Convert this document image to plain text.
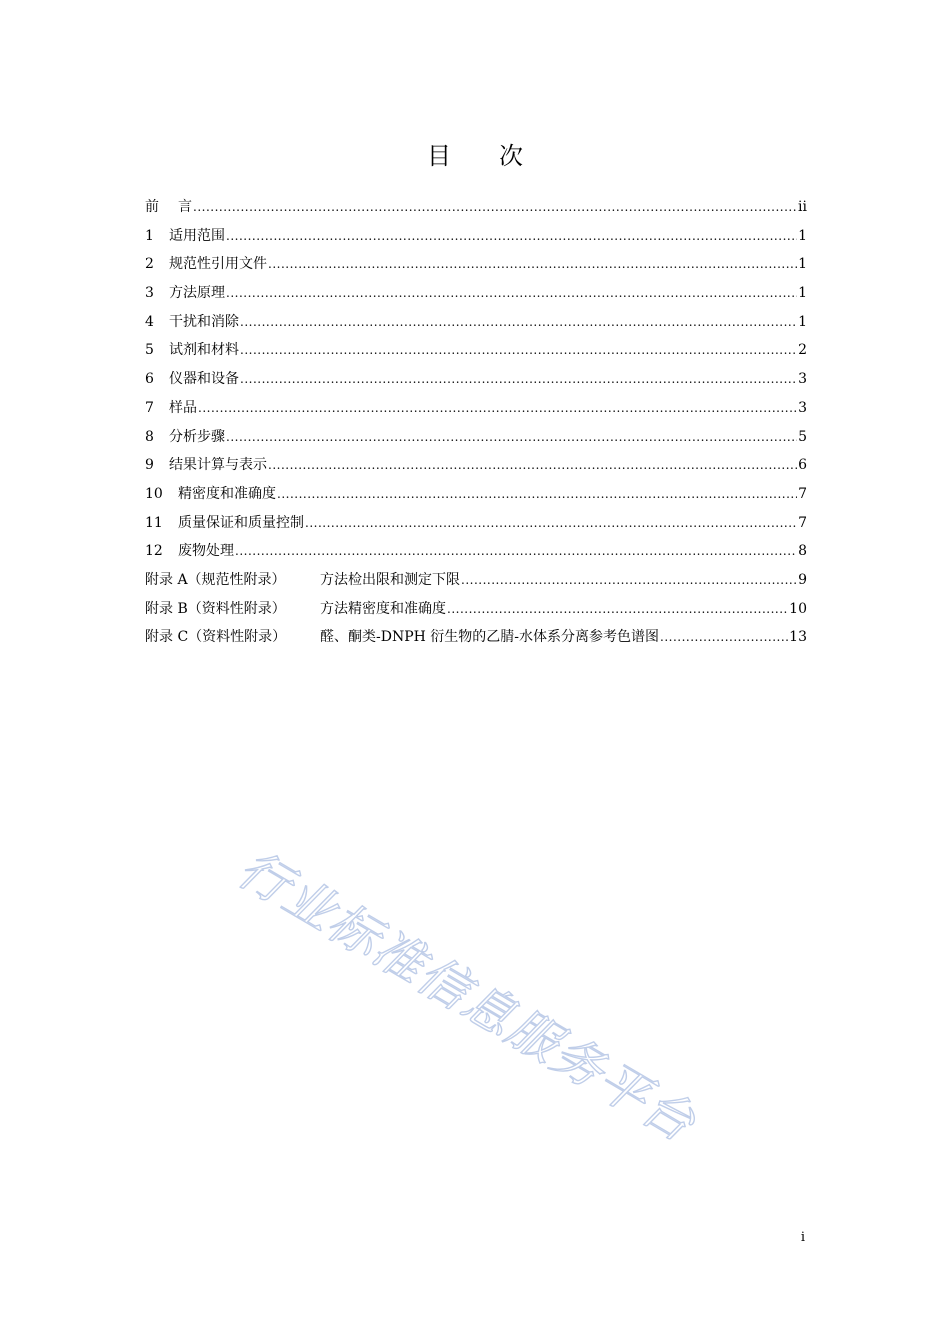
目 次
前	言 .....	ii
1	适用范围 .....	1
2	规范性引用文件 .....	1
3	方法原理 .....	1
4	干扰和消除 .....	1
5	试剂和材料 .....	2
6	仪器和设备 .....	3
7	样品 .....	3
8	分析步骤 .....	5
9	结果计算与表示 .....	6
10	精密度和准确度 .....	7
11	质量保证和质量控制 .....	7
12	废物处理 .....	8
附录 A（规范性附录）	方法检出限和测定下限 .....	9
附录 B（资料性附录）	方法精密度和准确度 .....	10
附录 C（资料性附录）	醛、酮类-DNPH 衍生物的乙腈-水体系分离参考色谱图 .....	13
行业标准信息服务平台
i
